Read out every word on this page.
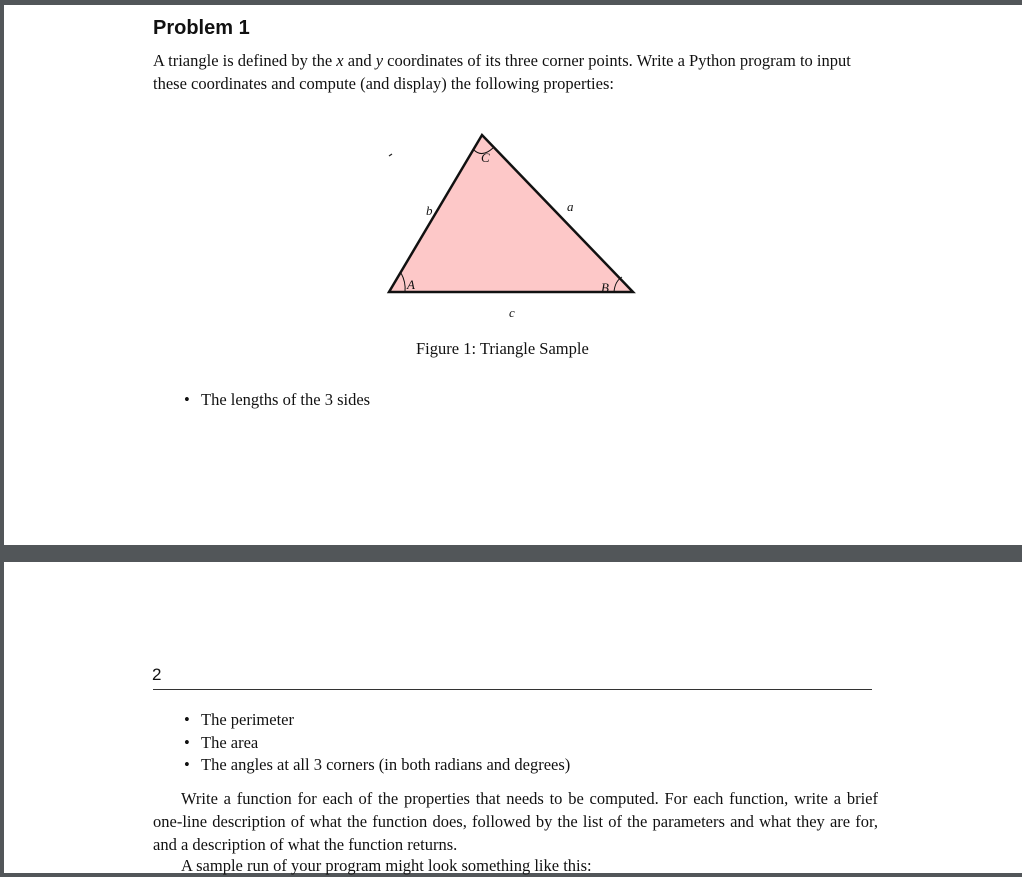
Problem 1

A triangle is defined by the x and y coordinates of its three corner points. Write a Python program to input these coordinates and compute (and display) the following properties:

A	B
C
a
b
c
Figure 1: Triangle Sample
• The lengths of the 3 sides
2
• The perimeter
• The area
• The angles at all 3 corners (in both radians and degrees)

Write a function for each of the properties that needs to be computed. For each function, write a brief one-line description of what the function does, followed by the list of the parameters and what they are for, and a description of what the function returns.

A sample run of your program might look something like this:
